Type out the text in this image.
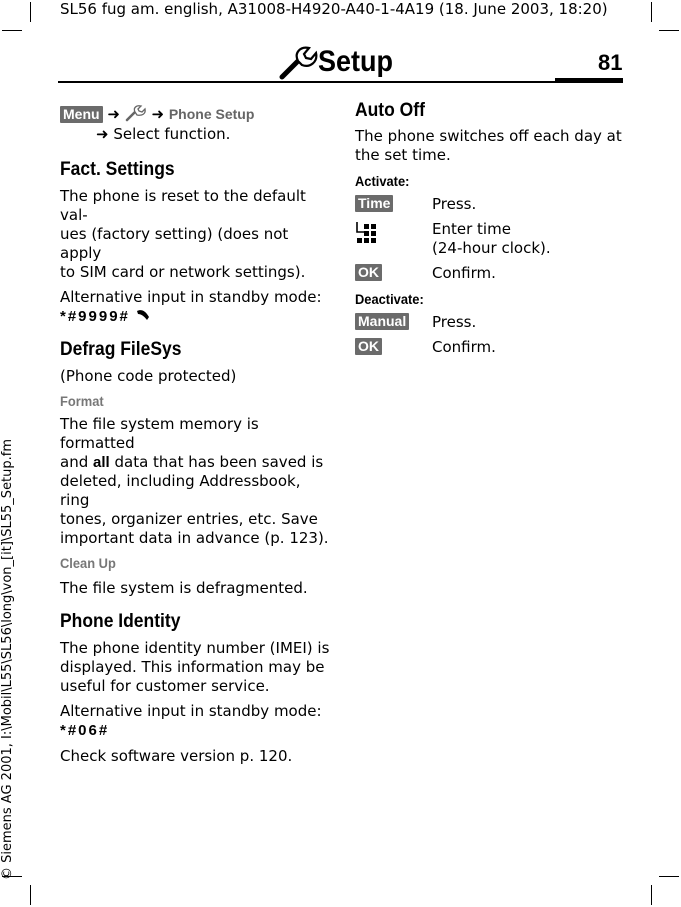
SL56 fug am. english, A31008-H4920-A40-1-4A19 (18. June 2003, 18:20)
© Siemens AG 2001, I:\Mobil\L55\SL56\long\von_[it]\SL55_Setup.fm
Setup	81
Menu ➜ ➜ Phone Setup
➜ Select function.
Fact. Settings

The phone is reset to the default val-

ues (factory setting) (does not apply

to SIM card or network settings).

Alternative input in standby mode:

*#9999#
Defrag FileSys

(Phone code protected)

Format

The file system memory is formatted

and all data that has been saved is

deleted, including Addressbook, ring

tones, organizer entries, etc. Save

important data in advance (p. 123).

Clean Up

The file system is defragmented.

Phone Identity

The phone identity number (IMEI) is

displayed. This information may be

useful for customer service.

Alternative input in standby mode:

*#06#

Check software version p. 120.

Auto Off

The phone switches off each day at

the set time.

Activate:
Time	Press.
Enter time
(24-hour clock).
OK	Confirm.
Deactivate:
Manual Press.
OK	Confirm.
